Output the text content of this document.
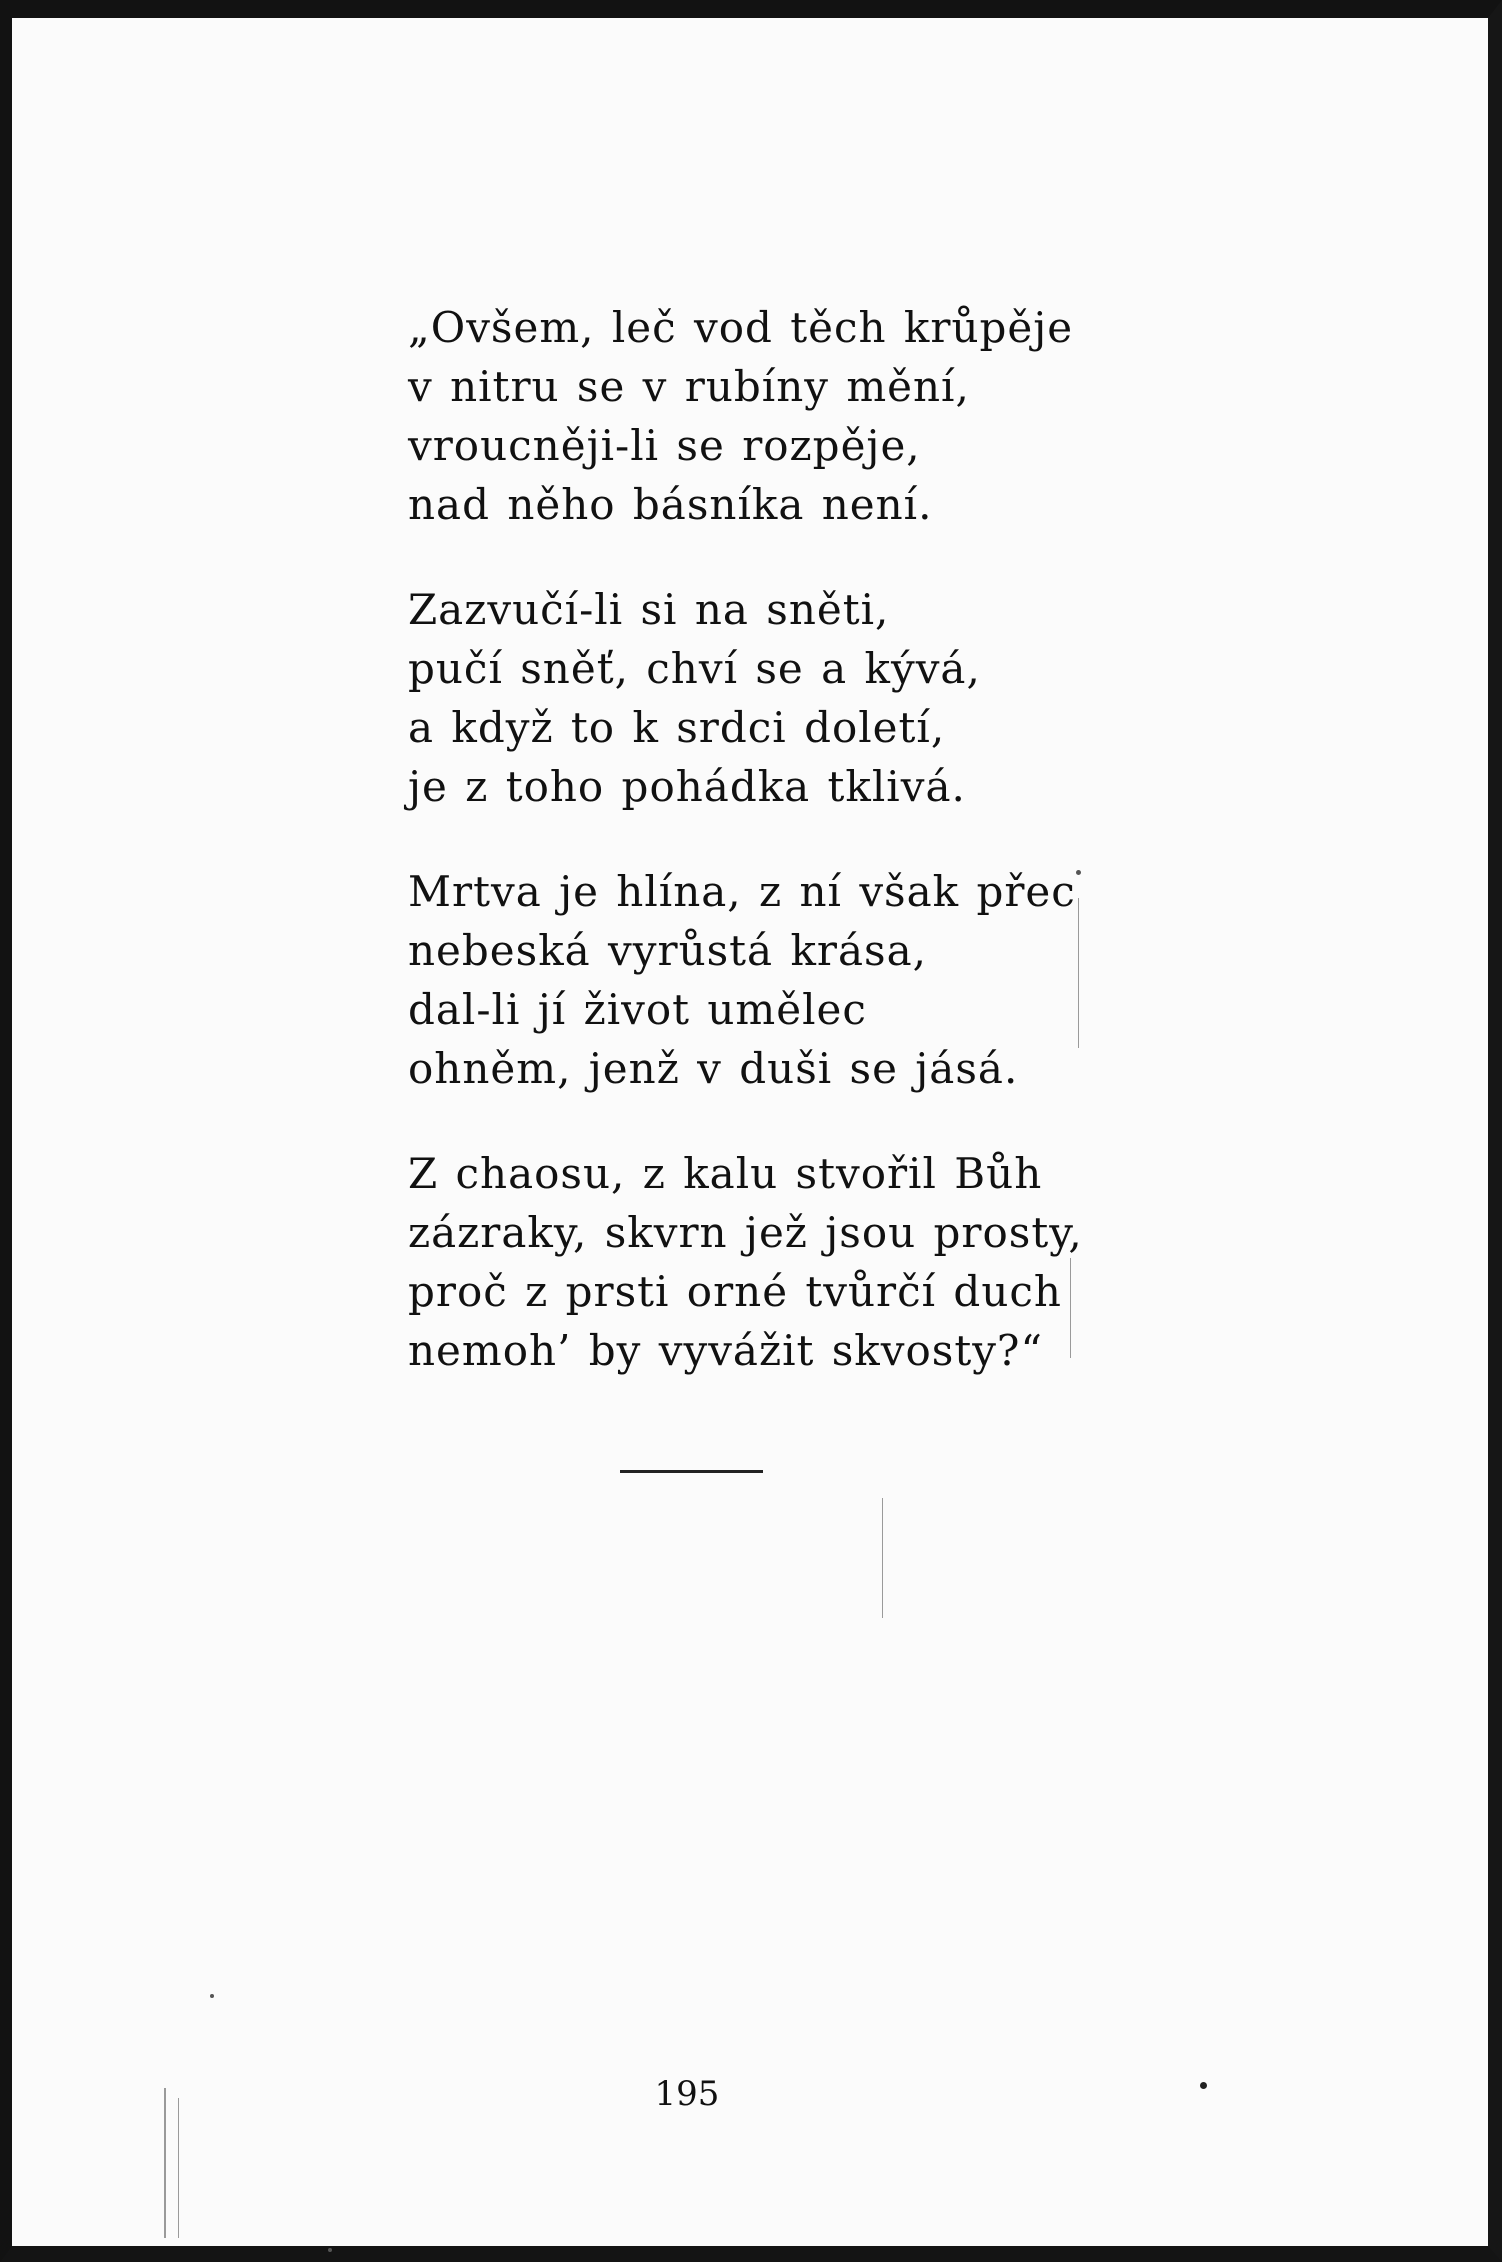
„Ovšem, leč vod těch krůpěje
v nitru se v rubíny mění,
vroucněji-li se rozpěje,
nad něho básníka není.
Zazvučí-li si na sněti,
pučí sněť, chví se a kývá,
a když to k srdci doletí,
je z toho pohádka tklivá.
Mrtva je hlína, z ní však přec
nebeská vyrůstá krása,
dal-li jí život umělec
ohněm, jenž v duši se jásá.
Z chaosu, z kalu stvořil Bůh
zázraky, skvrn jež jsou prosty,
proč z prsti orné tvůrčí duch
nemoh’ by vyvážit skvosty?“
195
